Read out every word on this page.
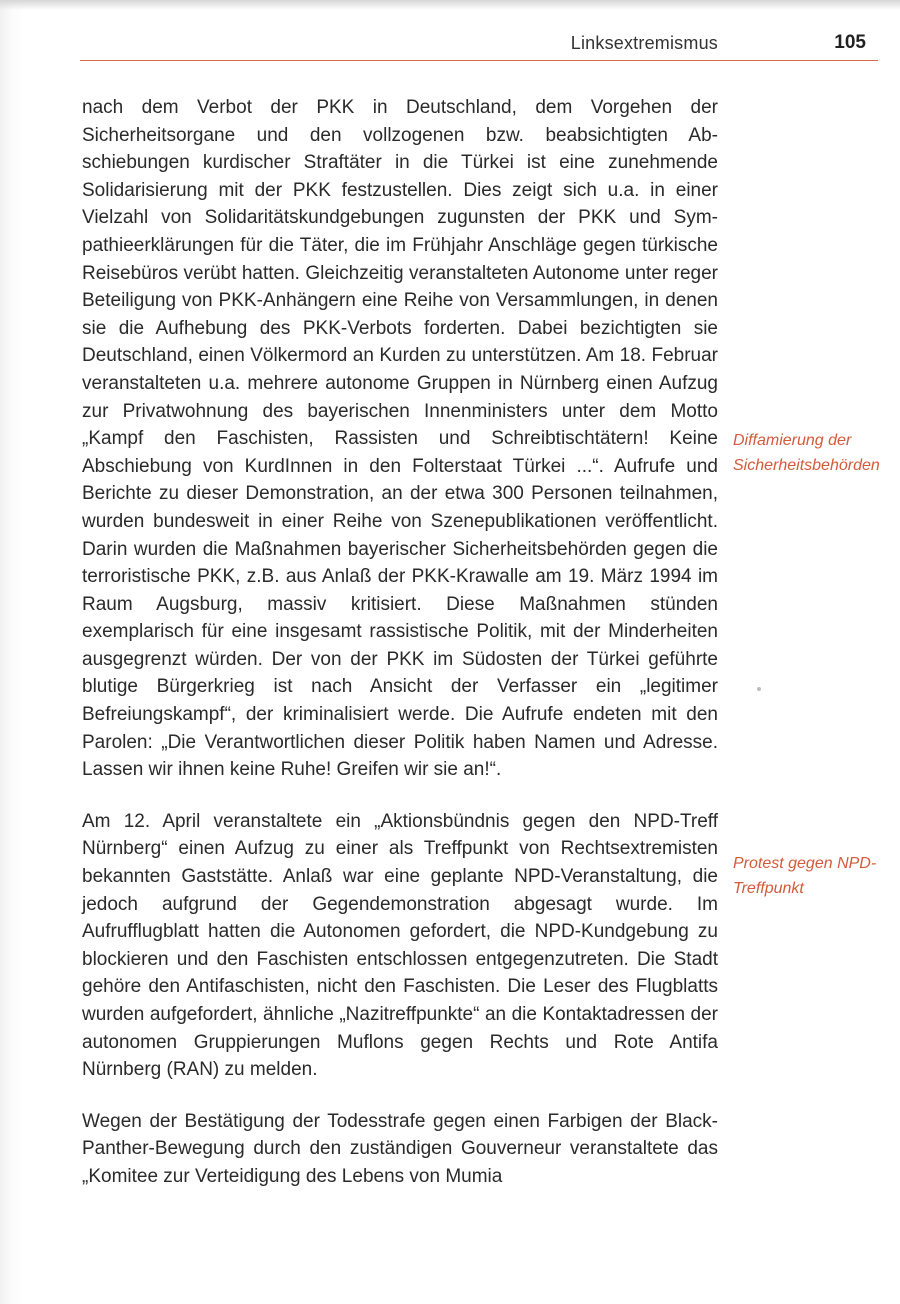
Linksextremismus	105

nach dem Verbot der PKK in Deutschland, dem Vorgehen der Sicherheitsorgane und den vollzogenen bzw. beabsichtigten Abschiebungen kurdischer Straftäter in die Türkei ist eine zunehmende Solidarisierung mit der PKK festzustellen. Dies zeigt sich u.a. in einer Vielzahl von Solidaritätskundgebungen zugunsten der PKK und Sympathieerklärungen für die Täter, die im Frühjahr Anschläge gegen türkische Reisebüros verübt hatten. Gleichzeitig veranstalteten Autonome unter reger Beteiligung von PKK-Anhängern eine Reihe von Versammlungen, in denen sie die Aufhebung des PKK-Verbots forderten. Dabei bezichtigten sie Deutschland, einen Völkermord an Kurden zu unterstützen. Am 18. Februar veranstalteten u.a. mehrere autonome Gruppen in Nürnberg einen Aufzug zur Privatwohnung des bayerischen Innenministers unter dem Motto „Kampf den Faschisten, Rassisten und Schreibtischtätern! Keine Abschiebung von KurdInnen in den Folterstaat Türkei ...“. Aufrufe und Berichte zu dieser Demonstration, an der etwa 300 Personen teilnahmen, wurden bundesweit in einer Reihe von Szenepublikationen veröffentlicht. Darin wurden die Maßnahmen bayerischer Sicherheitsbehörden gegen die terroristische PKK, z.B. aus Anlaß der PKK-Krawalle am 19. März 1994 im Raum Augsburg, massiv kritisiert. Diese Maßnahmen stünden exemplarisch für eine insgesamt rassistische Politik, mit der Minderheiten ausgegrenzt würden. Der von der PKK im Südosten der Türkei geführte blutige Bürgerkrieg ist nach Ansicht der Verfasser ein „legitimer Befreiungskampf“, der kriminalisiert werde. Die Aufrufe endeten mit den Parolen: „Die Verantwortlichen dieser Politik haben Namen und Adresse. Lassen wir ihnen keine Ruhe! Greifen wir sie an!“.

Am 12. April veranstaltete ein „Aktionsbündnis gegen den NPD-Treff Nürnberg“ einen Aufzug zu einer als Treffpunkt von Rechtsextremisten bekannten Gaststätte. Anlaß war eine geplante NPD-Veranstaltung, die jedoch aufgrund der Gegendemonstration abgesagt wurde. Im Aufrufflugblatt hatten die Autonomen gefordert, die NPD-Kundgebung zu blockieren und den Faschisten entschlossen entgegenzutreten. Die Stadt gehöre den Antifaschisten, nicht den Faschisten. Die Leser des Flugblatts wurden aufgefordert, ähnliche „Nazitreffpunkte“ an die Kontaktadressen der autonomen Gruppierungen Muflons gegen Rechts und Rote Antifa Nürnberg (RAN) zu melden.

Wegen der Bestätigung der Todesstrafe gegen einen Farbigen der Black-Panther-Bewegung durch den zuständigen Gouverneur veranstaltete das „Komitee zur Verteidigung des Lebens von Mumia

Diffamierung der Sicherheitsbehörden
Protest gegen NPD-Treffpunkt
